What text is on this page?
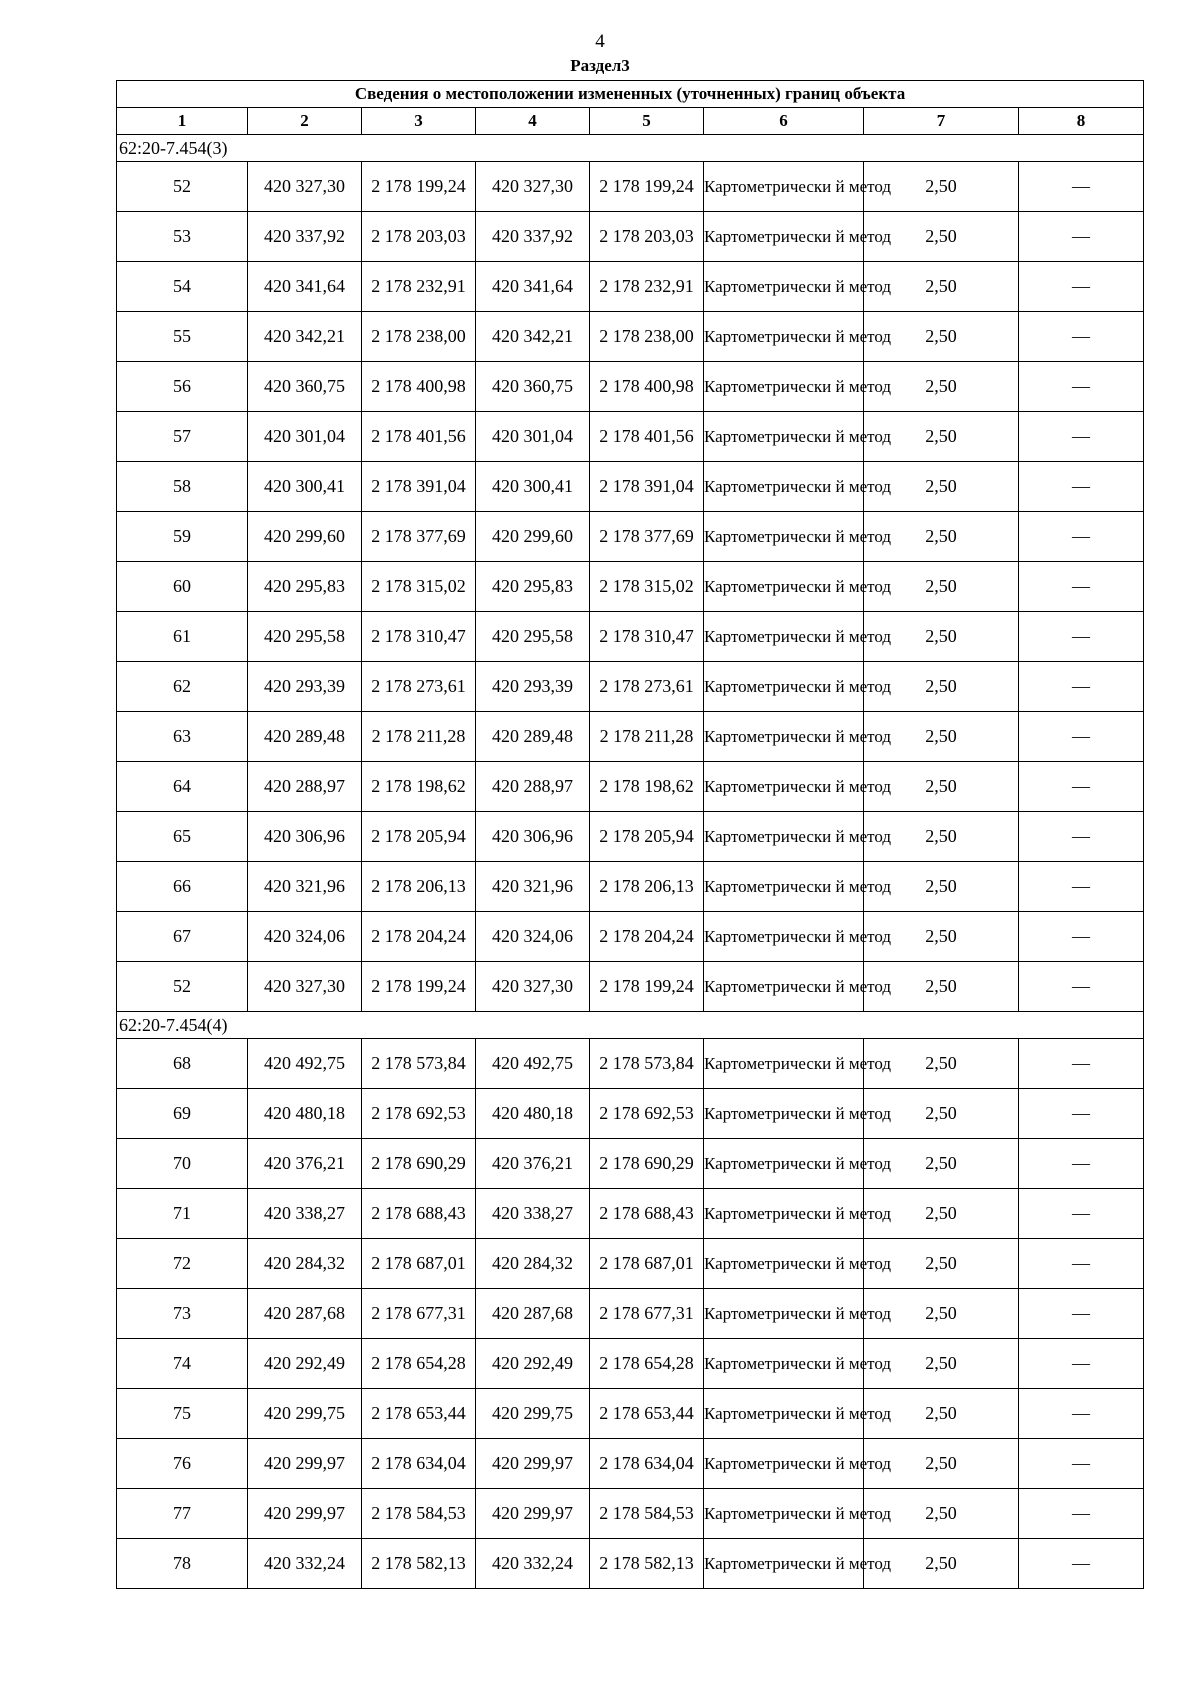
4
Раздел3
Сведения о местоположении измененных (уточненных) границ объекта							
1	2	3	4	5	6	7	8
62:20-7.454(3)							
52	420 327,30	2 178 199,24	420 327,30	2 178 199,24	Картометрически й метод	2,50	—
53	420 337,92	2 178 203,03	420 337,92	2 178 203,03	Картометрически й метод	2,50	—
54	420 341,64	2 178 232,91	420 341,64	2 178 232,91	Картометрически й метод	2,50	—
55	420 342,21	2 178 238,00	420 342,21	2 178 238,00	Картометрически й метод	2,50	—
56	420 360,75	2 178 400,98	420 360,75	2 178 400,98	Картометрически й метод	2,50	—
57	420 301,04	2 178 401,56	420 301,04	2 178 401,56	Картометрически й метод	2,50	—
58	420 300,41	2 178 391,04	420 300,41	2 178 391,04	Картометрически й метод	2,50	—
59	420 299,60	2 178 377,69	420 299,60	2 178 377,69	Картометрически й метод	2,50	—
60	420 295,83	2 178 315,02	420 295,83	2 178 315,02	Картометрически й метод	2,50	—
61	420 295,58	2 178 310,47	420 295,58	2 178 310,47	Картометрически й метод	2,50	—
62	420 293,39	2 178 273,61	420 293,39	2 178 273,61	Картометрически й метод	2,50	—
63	420 289,48	2 178 211,28	420 289,48	2 178 211,28	Картометрически й метод	2,50	—
64	420 288,97	2 178 198,62	420 288,97	2 178 198,62	Картометрически й метод	2,50	—
65	420 306,96	2 178 205,94	420 306,96	2 178 205,94	Картометрически й метод	2,50	—
66	420 321,96	2 178 206,13	420 321,96	2 178 206,13	Картометрически й метод	2,50	—
67	420 324,06	2 178 204,24	420 324,06	2 178 204,24	Картометрически й метод	2,50	—
52	420 327,30	2 178 199,24	420 327,30	2 178 199,24	Картометрически й метод	2,50	—
62:20-7.454(4)							
68	420 492,75	2 178 573,84	420 492,75	2 178 573,84	Картометрически й метод	2,50	—
69	420 480,18	2 178 692,53	420 480,18	2 178 692,53	Картометрически й метод	2,50	—
70	420 376,21	2 178 690,29	420 376,21	2 178 690,29	Картометрически й метод	2,50	—
71	420 338,27	2 178 688,43	420 338,27	2 178 688,43	Картометрически й метод	2,50	—
72	420 284,32	2 178 687,01	420 284,32	2 178 687,01	Картометрически й метод	2,50	—
73	420 287,68	2 178 677,31	420 287,68	2 178 677,31	Картометрически й метод	2,50	—
74	420 292,49	2 178 654,28	420 292,49	2 178 654,28	Картометрически й метод	2,50	—
75	420 299,75	2 178 653,44	420 299,75	2 178 653,44	Картометрически й метод	2,50	—
76	420 299,97	2 178 634,04	420 299,97	2 178 634,04	Картометрически й метод	2,50	—
77	420 299,97	2 178 584,53	420 299,97	2 178 584,53	Картометрически й метод	2,50	—
78	420 332,24	2 178 582,13	420 332,24	2 178 582,13	Картометрически й метод	2,50	—
